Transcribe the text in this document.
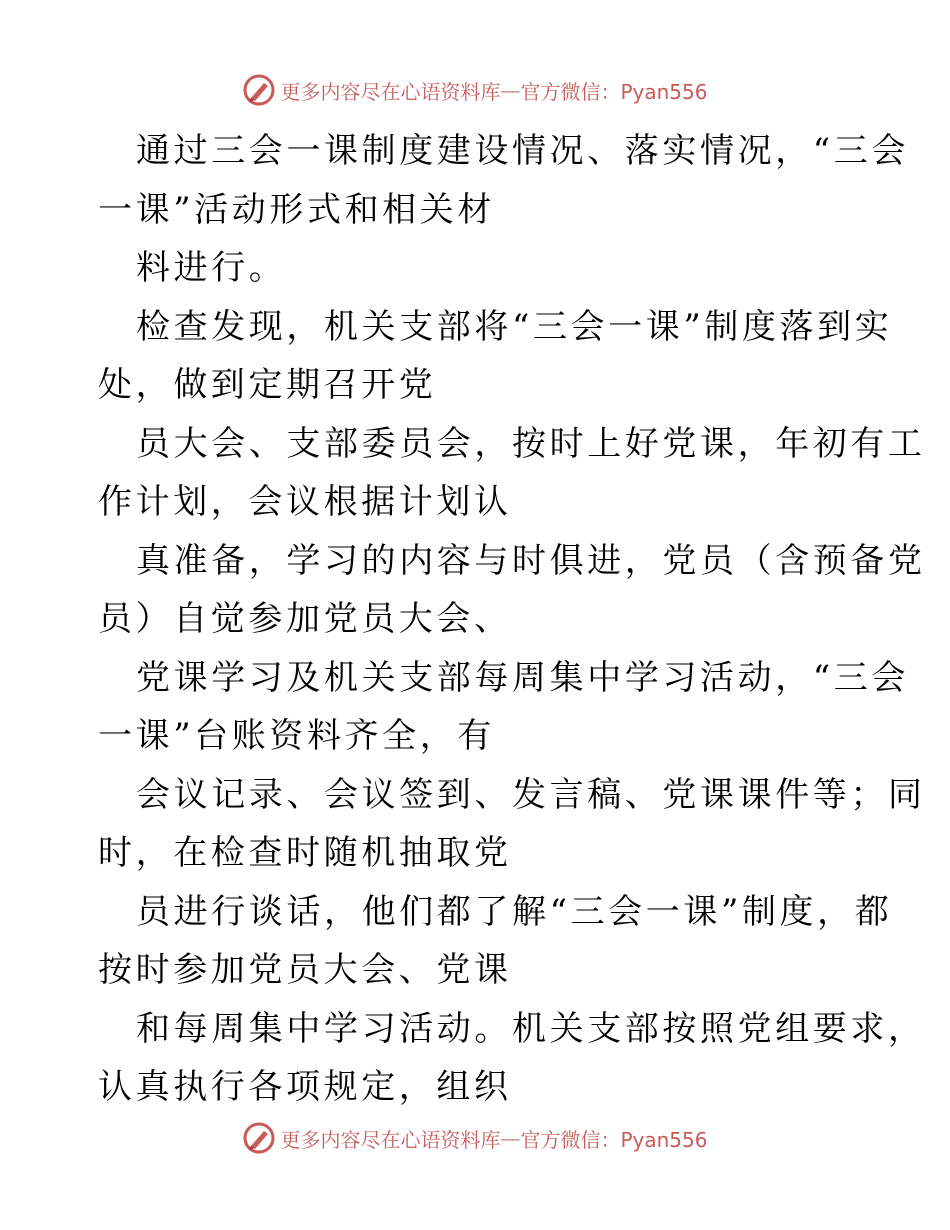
更多内容尽在心语资料库 — 官方微信：Pyan556
通过三会一课制度建设情况、落实情况，“三会
一课”活动形式和相关材
料进行。
检查发现，机关支部将“三会一课”制度落到实
处，做到定期召开党
员大会、支部委员会，按时上好党课，年初有工
作计划，会议根据计划认
真准备，学习的内容与时俱进，党员（含预备党
员）自觉参加党员大会、
党课学习及机关支部每周集中学习活动，“三会
一课”台账资料齐全，有
会议记录、会议签到、发言稿、党课课件等；同
时，在检查时随机抽取党
员进行谈话，他们都了解“三会一课”制度，都
按时参加党员大会、党课
和每周集中学习活动。机关支部按照党组要求，
认真执行各项规定，组织
更多内容尽在心语资料库 — 官方微信：Pyan556
